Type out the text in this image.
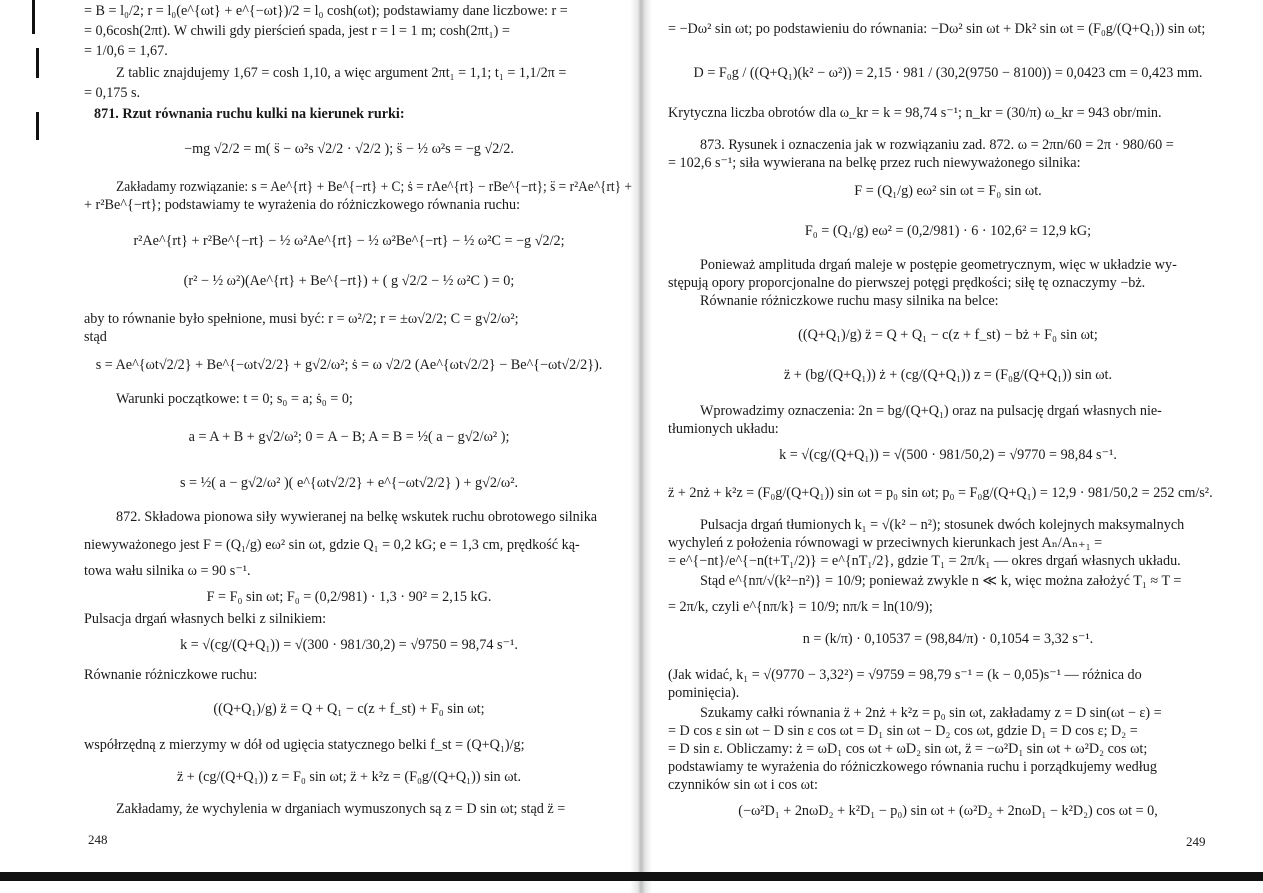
= B = l₀/2; r = l₀(e^{ωt} + e^{−ωt})/2 = l₀ cosh(ωt); podstawiamy dane liczbowe: r =
= 0,6cosh(2πt). W chwili gdy pierścień spada, jest r = l = 1 m; cosh(2πt₁) =
= 1/0,6 = 1,67.
Z tablic znajdujemy 1,67 = cosh 1,10, a więc argument 2πt₁ = 1,1; t₁ = 1,1/2π =
= 0,175 s.
871. Rzut równania ruchu kulki na kierunek rurki:
−mg √2/2 = m( s̈ − ω²s √2/2 · √2/2 ); s̈ − ½ ω²s = −g √2/2.
Zakładamy rozwiązanie: s = Ae^{rt} + Be^{−rt} + C; ṡ = rAe^{rt} − rBe^{−rt}; s̈ = r²Ae^{rt} +
+ r²Be^{−rt}; podstawiamy te wyrażenia do różniczkowego równania ruchu:
r²Ae^{rt} + r²Be^{−rt} − ½ ω²Ae^{rt} − ½ ω²Be^{−rt} − ½ ω²C = −g √2/2;
(r² − ½ ω²)(Ae^{rt} + Be^{−rt}) + ( g √2/2 − ½ ω²C ) = 0;
aby to równanie było spełnione, musi być: r = ω²/2; r = ±ω√2/2; C = g√2/ω²;
stąd
s = Ae^{ωt√2/2} + Be^{−ωt√2/2} + g√2/ω²; ṡ = ω √2/2 (Ae^{ωt√2/2} − Be^{−ωt√2/2}).
Warunki początkowe: t = 0; s₀ = a; ṡ₀ = 0;
a = A + B + g√2/ω²; 0 = A − B; A = B = ½( a − g√2/ω² );
s = ½( a − g√2/ω² )( e^{ωt√2/2} + e^{−ωt√2/2} ) + g√2/ω².
872. Składowa pionowa siły wywieranej na belkę wskutek ruchu obrotowego silnika
niewyważonego jest F = (Q₁/g) eω² sin ωt, gdzie Q₁ = 0,2 kG; e = 1,3 cm, prędkość ką-
towa wału silnika ω = 90 s⁻¹.
F = F₀ sin ωt; F₀ = (0,2/981) · 1,3 · 90² = 2,15 kG.
Pulsacja drgań własnych belki z silnikiem:
k = √(cg/(Q+Q₁)) = √(300 · 981/30,2) = √9750 = 98,74 s⁻¹.
Równanie różniczkowe ruchu:
((Q+Q₁)/g) z̈ = Q + Q₁ − c(z + f_st) + F₀ sin ωt;
współrzędną z mierzymy w dół od ugięcia statycznego belki f_st = (Q+Q₁)/g;
z̈ + (cg/(Q+Q₁)) z = F₀ sin ωt; z̈ + k²z = (F₀g/(Q+Q₁)) sin ωt.
Zakładamy, że wychylenia w drganiach wymuszonych są z = D sin ωt; stąd z̈ =
248
= −Dω² sin ωt; po podstawieniu do równania: −Dω² sin ωt + Dk² sin ωt = (F₀g/(Q+Q₁)) sin ωt;
D = F₀g / ((Q+Q₁)(k² − ω²)) = 2,15 · 981 / (30,2(9750 − 8100)) = 0,0423 cm = 0,423 mm.
Krytyczna liczba obrotów dla ω_kr = k = 98,74 s⁻¹; n_kr = (30/π) ω_kr = 943 obr/min.
873. Rysunek i oznaczenia jak w rozwiązaniu zad. 872. ω = 2πn/60 = 2π · 980/60 =
= 102,6 s⁻¹; siła wywierana na belkę przez ruch niewyważonego silnika:
F = (Q₁/g) eω² sin ωt = F₀ sin ωt.
F₀ = (Q₁/g) eω² = (0,2/981) · 6 · 102,6² = 12,9 kG;
Ponieważ amplituda drgań maleje w postępie geometrycznym, więc w układzie wy-
stępują opory proporcjonalne do pierwszej potęgi prędkości; siłę tę oznaczymy −bż.
Równanie różniczkowe ruchu masy silnika na belce:
((Q+Q₁)/g) z̈ = Q + Q₁ − c(z + f_st) − bż + F₀ sin ωt;
z̈ + (bg/(Q+Q₁)) ż + (cg/(Q+Q₁)) z = (F₀g/(Q+Q₁)) sin ωt.
Wprowadzimy oznaczenia: 2n = bg/(Q+Q₁) oraz na pulsację drgań własnych nie-
tłumionych układu:
k = √(cg/(Q+Q₁)) = √(500 · 981/50,2) = √9770 = 98,84 s⁻¹.
z̈ + 2nż + k²z = (F₀g/(Q+Q₁)) sin ωt = p₀ sin ωt; p₀ = F₀g/(Q+Q₁) = 12,9 · 981/50,2 = 252 cm/s².
Pulsacja drgań tłumionych k₁ = √(k² − n²); stosunek dwóch kolejnych maksymalnych
wychyleń z położenia równowagi w przeciwnych kierunkach jest Aₙ/Aₙ₊₁ =
= e^{−nt}/e^{−n(t+T₁/2)} = e^{nT₁/2}, gdzie T₁ = 2π/k₁ — okres drgań własnych układu.
Stąd e^{nπ/√(k²−n²)} = 10/9; ponieważ zwykle n ≪ k, więc można założyć T₁ ≈ T =
= 2π/k, czyli e^{nπ/k} = 10/9; nπ/k = ln(10/9);
n = (k/π) · 0,10537 = (98,84/π) · 0,1054 = 3,32 s⁻¹.
(Jak widać, k₁ = √(9770 − 3,32²) = √9759 = 98,79 s⁻¹ = (k − 0,05)s⁻¹ — różnica do
pominięcia).
Szukamy całki równania z̈ + 2nż + k²z = p₀ sin ωt, zakładamy z = D sin(ωt − ε) =
= D cos ε sin ωt − D sin ε cos ωt = D₁ sin ωt − D₂ cos ωt, gdzie D₁ = D cos ε; D₂ =
= D sin ε. Obliczamy: ż = ωD₁ cos ωt + ωD₂ sin ωt, z̈ = −ω²D₁ sin ωt + ω²D₂ cos ωt;
podstawiamy te wyrażenia do różniczkowego równania ruchu i porządkujemy według
czynników sin ωt i cos ωt:
(−ω²D₁ + 2nωD₂ + k²D₁ − p₀) sin ωt + (ω²D₂ + 2nωD₁ − k²D₂) cos ωt = 0,
249
